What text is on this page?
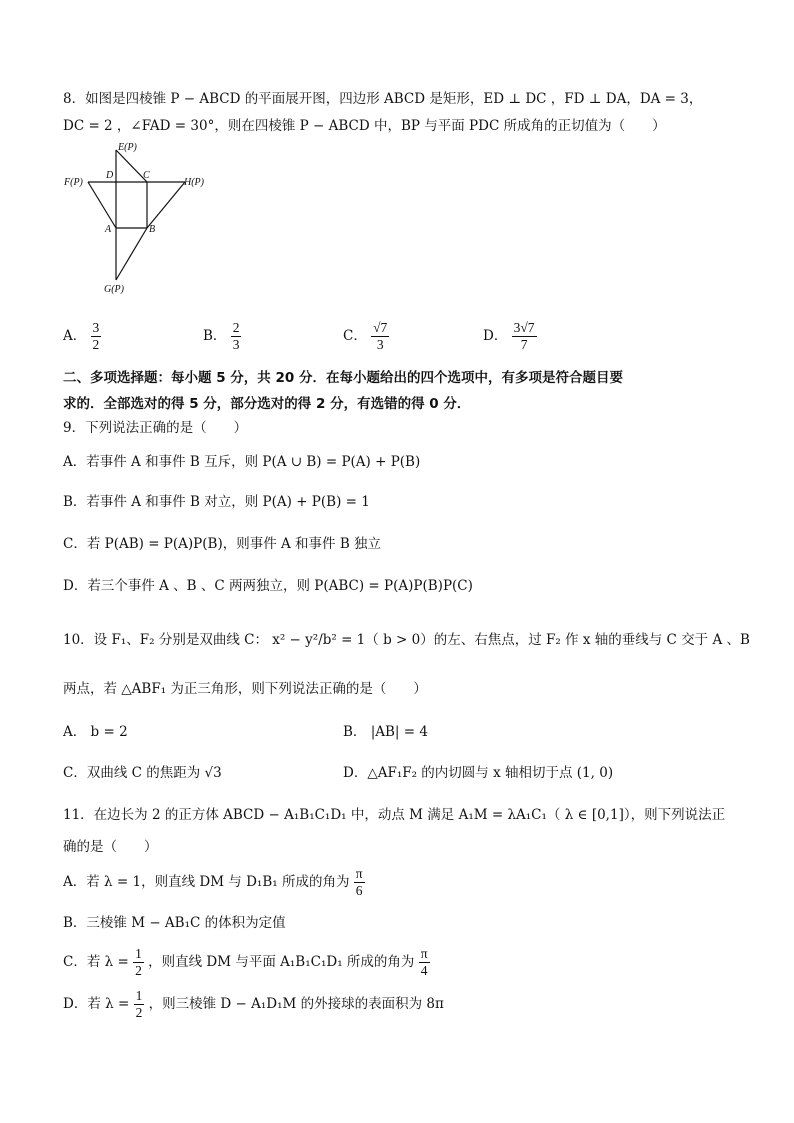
8．如图是四棱锥 P − ABCD 的平面展开图，四边形 ABCD 是矩形，ED ⊥ DC ，FD ⊥ DA，DA = 3，
DC = 2 ，∠FAD = 30°，则在四棱锥 P − ABCD 中，BP 与平面 PDC 所成角的正切值为（　　）
E(P)
F(P)
D	C
H(P)
A	B
G(P)
A． $\frac{3}{2}$	B． $\frac{2}{3}$	C． $\frac{√7}{3}$	D． $\frac{3√7}{7}$
二、多项选择题：每小题 5 分，共 20 分．在每小题给出的四个选项中，有多项是符合题目要
求的．全部选对的得 5 分，部分选对的得 2 分，有选错的得 0 分．
9．下列说法正确的是（　　）
A．若事件 A 和事件 B 互斥，则 P(A ∪ B) = P(A) + P(B)
B．若事件 A 和事件 B 对立，则 P(A) + P(B) = 1
C．若 P(AB) = P(A)P(B)，则事件 A 和事件 B 独立
D．若三个事件 A 、B 、C 两两独立，则 P(ABC) = P(A)P(B)P(C)
10．设 F₁、F₂ 分别是双曲线 C： x² − y²/b² = 1（ b > 0）的左、右焦点，过 F₂ 作 x 轴的垂线与 C 交于 A 、B
两点，若 △ABF₁ 为正三角形，则下列说法正确的是（　　）
A． b = 2	B． |AB| = 4
C．双曲线 C 的焦距为 √3	D．△AF₁F₂ 的内切圆与 x 轴相切于点 (1, 0)
11．在边长为 2 的正方体 ABCD − A₁B₁C₁D₁ 中，动点 M 满足 A₁M = λA₁C₁（ λ ∈ [0,1]），则下列说法正
确的是（　　）
A．若 λ = 1，则直线 DM 与 D₁B₁ 所成的角为 $\frac{\pi}{6}$
B．三棱锥 M − AB₁C 的体积为定值
C．若 $\lambda = \frac{1}{2}$ ，则直线 DM 与平面 A₁B₁C₁D₁ 所成的角为 $\frac{\pi}{4}$
D．若 $\lambda = \frac{1}{2}$ ，则三棱锥 D − A₁D₁M 的外接球的表面积为 8π
